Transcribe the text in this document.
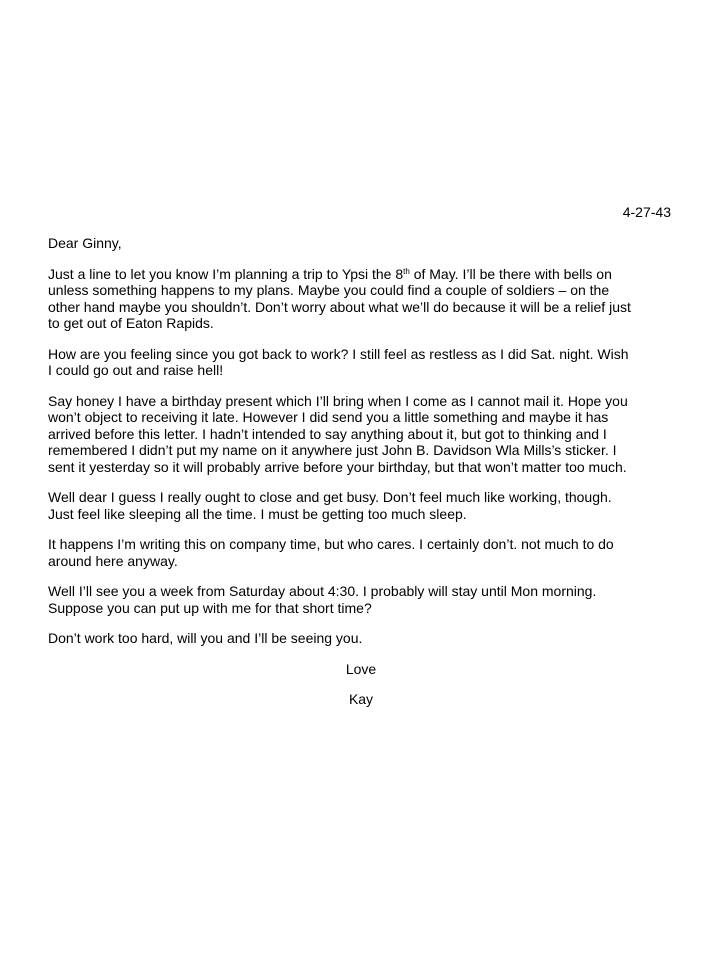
4-27-43
Dear Ginny,
Just a line to let you know I’m planning a trip to Ypsi the 8th of May. I’ll be there with bells on
unless something happens to my plans. Maybe you could find a couple of soldiers – on the
other hand maybe you shouldn’t. Don’t worry about what we’ll do because it will be a relief just
to get out of Eaton Rapids.
How are you feeling since you got back to work? I still feel as restless as I did Sat. night. Wish
I could go out and raise hell!
Say honey I have a birthday present which I’ll bring when I come as I cannot mail it. Hope you
won’t object to receiving it late. However I did send you a little something and maybe it has
arrived before this letter. I hadn’t intended to say anything about it, but got to thinking and I
remembered I didn’t put my name on it anywhere just John B. Davidson Wla Mills’s sticker. I
sent it yesterday so it will probably arrive before your birthday, but that won’t matter too much.
Well dear I guess I really ought to close and get busy. Don’t feel much like working, though.
Just feel like sleeping all the time. I must be getting too much sleep.
It happens I’m writing this on company time, but who cares. I certainly don’t. not much to do
around here anyway.
Well I’ll see you a week from Saturday about 4:30. I probably will stay until Mon morning.
Suppose you can put up with me for that short time?
Don’t work too hard, will you and I’ll be seeing you.
Love
Kay
